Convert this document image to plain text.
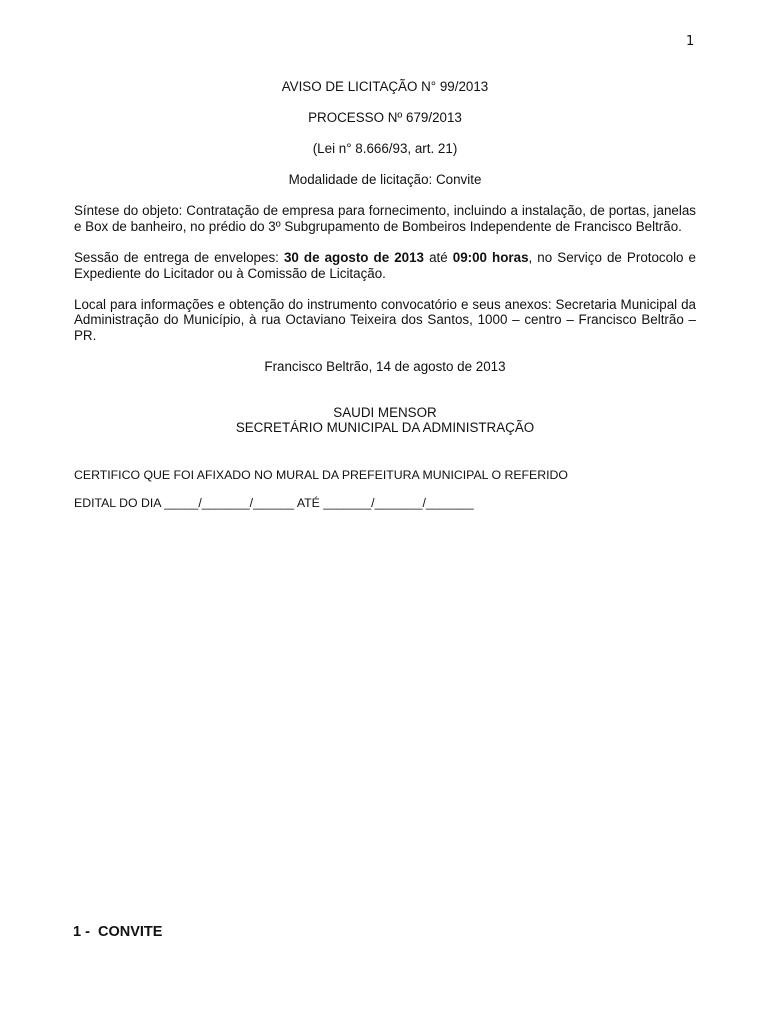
1

AVISO DE LICITAÇÃO N° 99/2013

PROCESSO Nº 679/2013

(Lei n° 8.666/93, art. 21)

Modalidade de licitação: Convite

Síntese do objeto: Contratação de empresa para fornecimento, incluindo a instalação, de portas, janelas e Box de banheiro, no prédio do 3º Subgrupamento de Bombeiros Independente de Francisco Beltrão.

Sessão de entrega de envelopes: 30 de agosto de 2013 até 09:00 horas, no Serviço de Protocolo e Expediente do Licitador ou à Comissão de Licitação.

Local para informações e obtenção do instrumento convocatório e seus anexos: Secretaria Municipal da Administração do Município, à rua Octaviano Teixeira dos Santos, 1000 – centro – Francisco Beltrão – PR.

Francisco Beltrão, 14 de agosto de 2013

SAUDI MENSOR

SECRETÁRIO MUNICIPAL DA ADMINISTRAÇÃO

CERTIFICO QUE FOI AFIXADO NO MURAL DA PREFEITURA MUNICIPAL O REFERIDO

EDITAL DO DIA _____/_______/______ ATÉ _______/_______/_______

1 -  CONVITE
